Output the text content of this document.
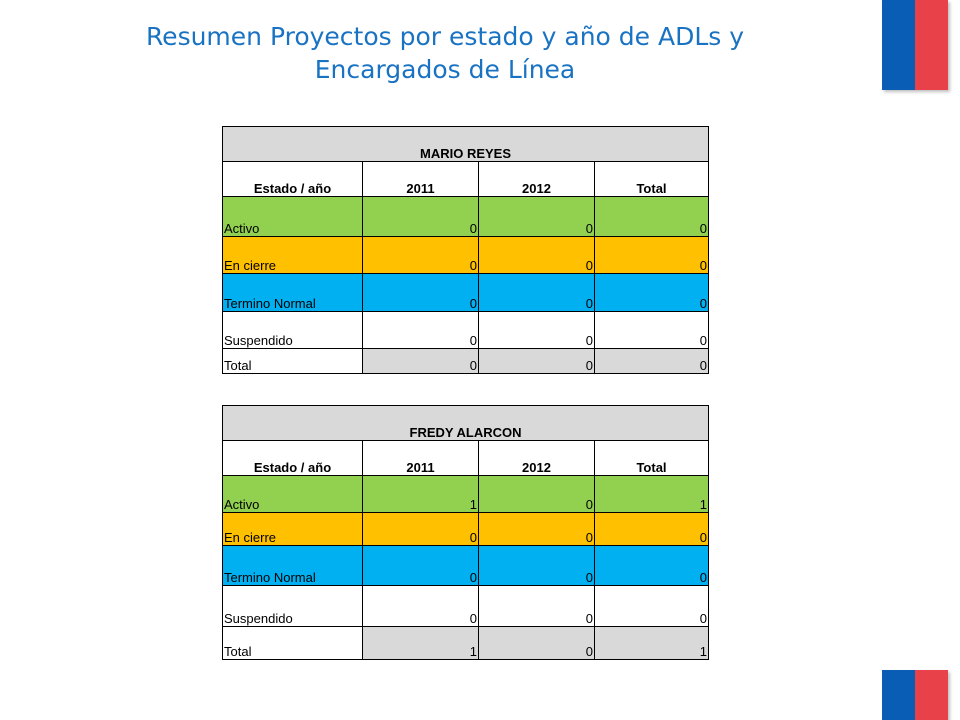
Resumen Proyectos por estado y año de ADLs y
Encargados de Línea
MARIO REYES			
Estado / año	2011	2012	Total
Activo	0	0	0
En cierre	0	0	0
Termino Normal	0	0	0
Suspendido	0	0	0
Total	0	0	0
FREDY ALARCON			
Estado / año	2011	2012	Total
Activo	1	0	1
En cierre	0	0	0
Termino Normal	0	0	0
Suspendido	0	0	0
Total	1	0	1
